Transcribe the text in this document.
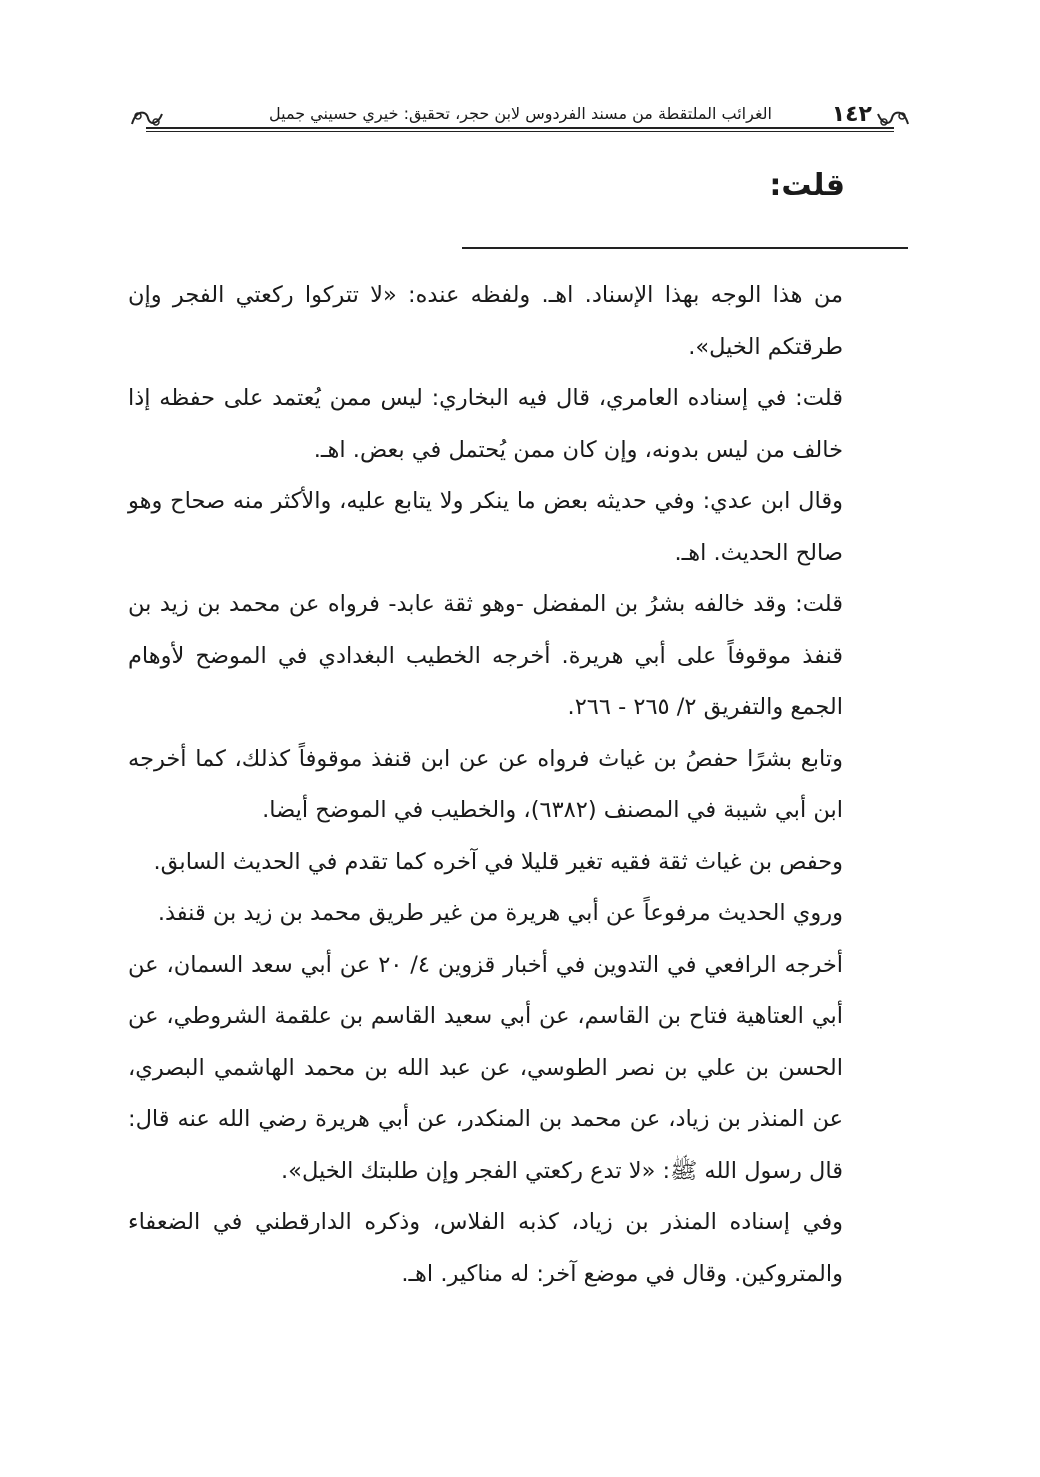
الغرائب الملتقطة من مسند الفردوس لابن حجر، تحقيق: خيري حسيني جميل	١٤٢
قلت:

من هذا الوجه بهذا الإسناد. اهـ. ولفظه عنده: «لا تتركوا ركعتي الفجر وإن طرقتكم الخيل».

قلت: في إسناده العامري، قال فيه البخاري: ليس ممن يُعتمد على حفظه إذا خالف من ليس بدونه، وإن كان ممن يُحتمل في بعض. اهـ.

وقال ابن عدي: وفي حديثه بعض ما ينكر ولا يتابع عليه، والأكثر منه صحاح وهو صالح الحديث. اهـ.

قلت: وقد خالفه بشرُ بن المفضل -وهو ثقة عابد- فرواه عن محمد بن زيد بن قنفذ موقوفاً على أبي هريرة. أخرجه الخطيب البغدادي في الموضح لأوهام الجمع والتفريق ٢/ ٢٦٥ - ٢٦٦.

وتابع بشرًا حفصُ بن غياث فرواه عن عن ابن قنفذ موقوفاً كذلك، كما أخرجه ابن أبي شيبة في المصنف (٦٣٨٢)، والخطيب في الموضح أيضا.

وحفص بن غياث ثقة فقيه تغير قليلا في آخره كما تقدم في الحديث السابق.

وروي الحديث مرفوعاً عن أبي هريرة من غير طريق محمد بن زيد بن قنفذ.

أخرجه الرافعي في التدوين في أخبار قزوين ٤/ ٢٠ عن أبي سعد السمان، عن أبي العتاهية فتاح بن القاسم، عن أبي سعيد القاسم بن علقمة الشروطي، عن الحسن بن علي بن نصر الطوسي، عن عبد الله بن محمد الهاشمي البصري، عن المنذر بن زياد، عن محمد بن المنكدر، عن أبي هريرة رضي الله عنه قال: قال رسول الله ﷺ: «لا تدع ركعتي الفجر وإن طلبتك الخيل».

وفي إسناده المنذر بن زياد، كذبه الفلاس، وذكره الدارقطني في الضعفاء والمتروكين. وقال في موضع آخر: له مناكير. اهـ.
